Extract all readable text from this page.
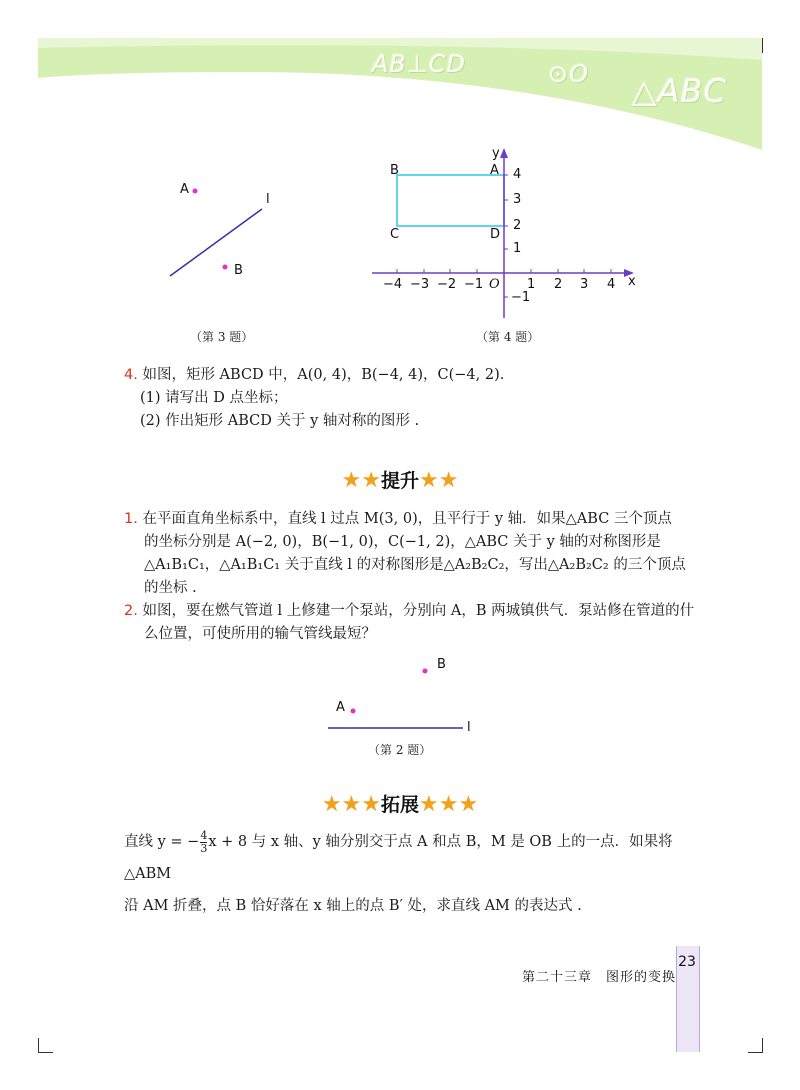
AB⊥CD	⊙O △ABC
A
B
l
（第 3 题）
−4 −3 −2 −1 O 1 2 3 4 x
y
4
3
2
1
−1
B	A
C	D
（第 4 题）
4. 如图，矩形 ABCD 中，A(0, 4)，B(−4, 4)，C(−4, 2).
(1) 请写出 D 点坐标；
(2) 作出矩形 ABCD 关于 y 轴对称的图形 .
★★提升★★
1. 在平面直角坐标系中，直线 l 过点 M(3, 0)，且平行于 y 轴．如果△ABC 三个顶点
的坐标分别是 A(−2, 0)，B(−1, 0)，C(−1, 2)，△ABC 关于 y 轴的对称图形是
△A₁B₁C₁，△A₁B₁C₁ 关于直线 l 的对称图形是△A₂B₂C₂，写出△A₂B₂C₂ 的三个顶点
的坐标 .
2. 如图，要在燃气管道 l 上修建一个泵站，分别向 A，B 两城镇供气．泵站修在管道的什
么位置，可使所用的输气管线最短？
B
A
l
（第 2 题）
★★★拓展★★★
直线 y = − $\frac{4}{3}$ x + 8 与 x 轴、y 轴分别交于点 A 和点 B，M 是 OB 上的一点．如果将△ABM
沿 AM 折叠，点 B 恰好落在 x 轴上的点 B′ 处，求直线 AM 的表达式 .
第二十三章　图形的变换
23
